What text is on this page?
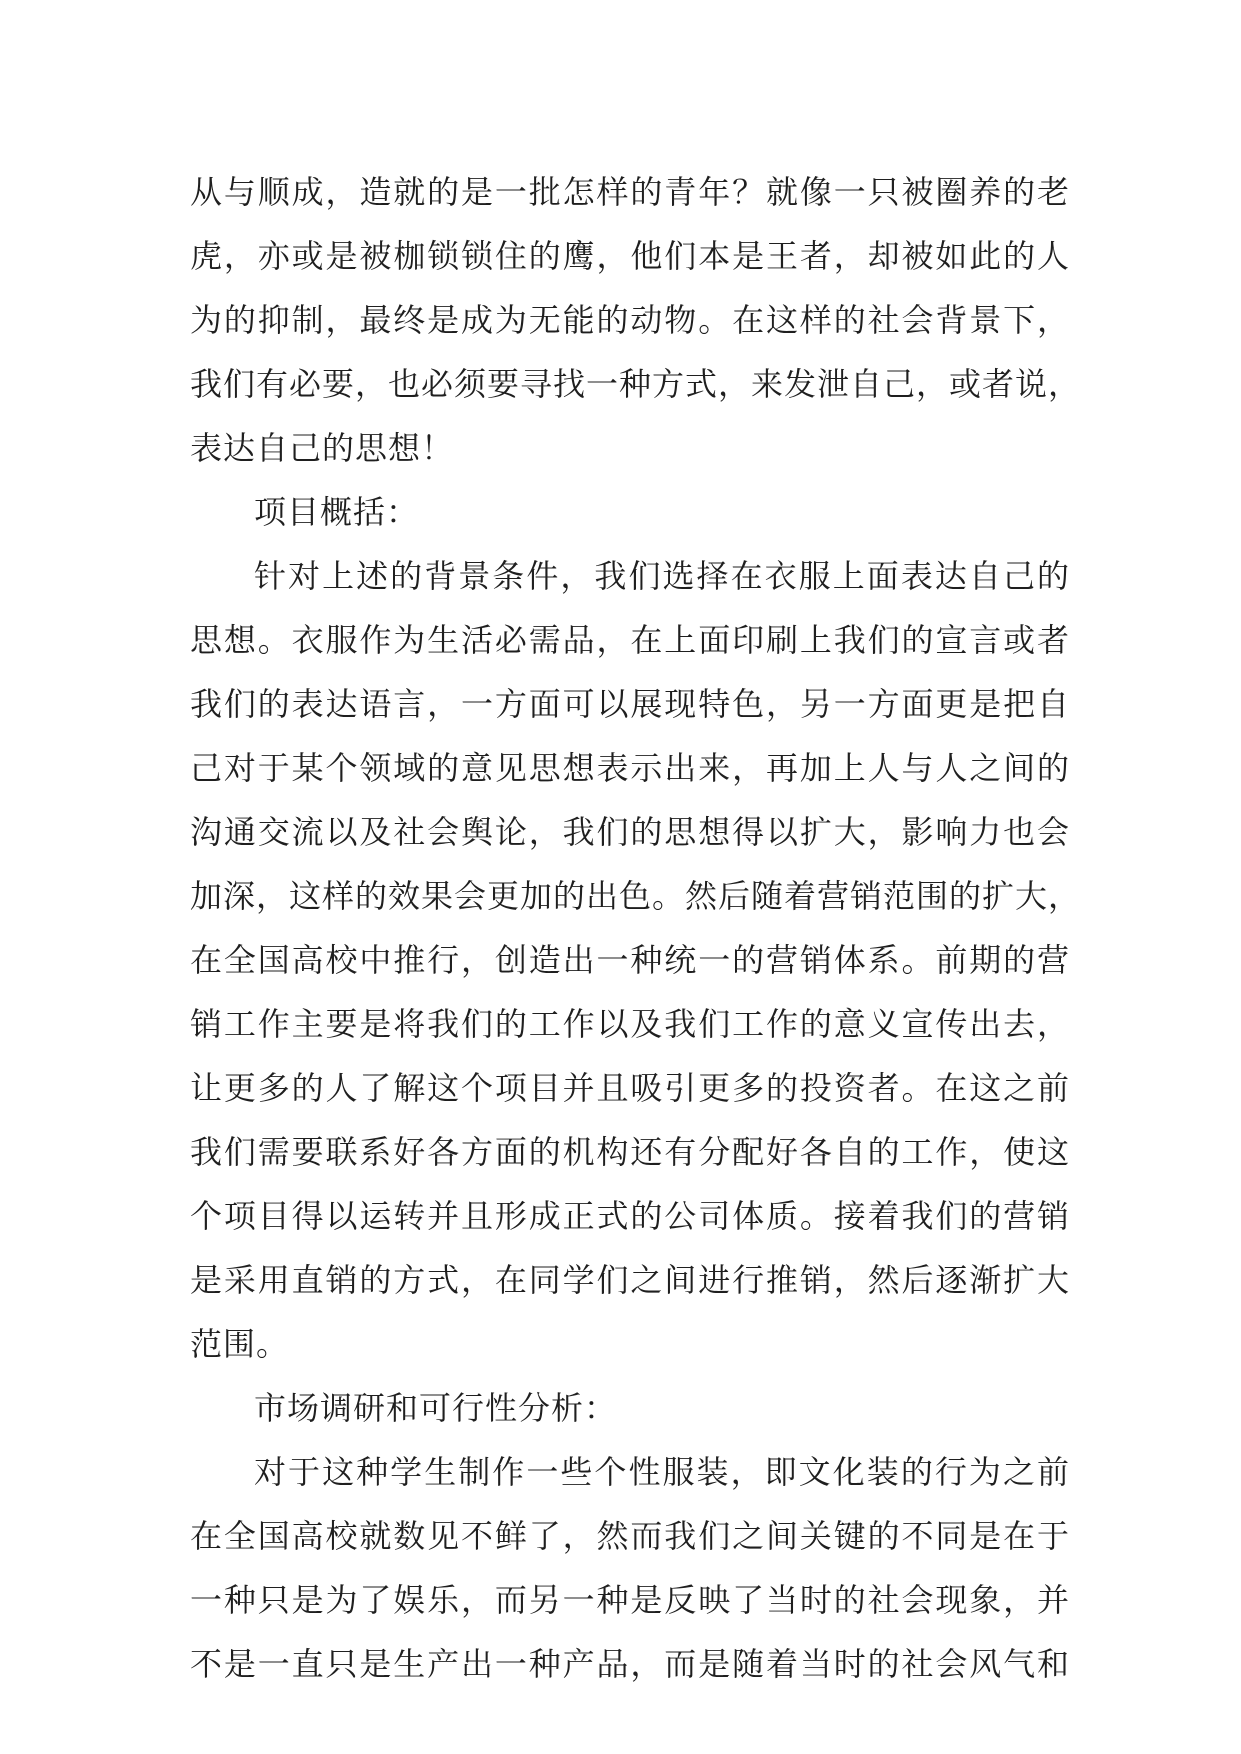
从与顺成，造就的是一批怎样的青年？就像一只被圈养的老
虎，亦或是被枷锁锁住的鹰，他们本是王者，却被如此的人
为的抑制，最终是成为无能的动物。在这样的社会背景下，
我们有必要，也必须要寻找一种方式，来发泄自己，或者说，
表达自己的思想！
项目概括：
针对上述的背景条件，我们选择在衣服上面表达自己的
思想。衣服作为生活必需品，在上面印刷上我们的宣言或者
我们的表达语言，一方面可以展现特色，另一方面更是把自
己对于某个领域的意见思想表示出来，再加上人与人之间的
沟通交流以及社会舆论，我们的思想得以扩大，影响力也会
加深，这样的效果会更加的出色。然后随着营销范围的扩大，
在全国高校中推行，创造出一种统一的营销体系。前期的营
销工作主要是将我们的工作以及我们工作的意义宣传出去，
让更多的人了解这个项目并且吸引更多的投资者。在这之前
我们需要联系好各方面的机构还有分配好各自的工作，使这
个项目得以运转并且形成正式的公司体质。接着我们的营销
是采用直销的方式，在同学们之间进行推销，然后逐渐扩大
范围。
市场调研和可行性分析：
对于这种学生制作一些个性服装，即文化装的行为之前
在全国高校就数见不鲜了，然而我们之间关键的不同是在于
一种只是为了娱乐，而另一种是反映了当时的社会现象，并
不是一直只是生产出一种产品，而是随着当时的社会风气和
